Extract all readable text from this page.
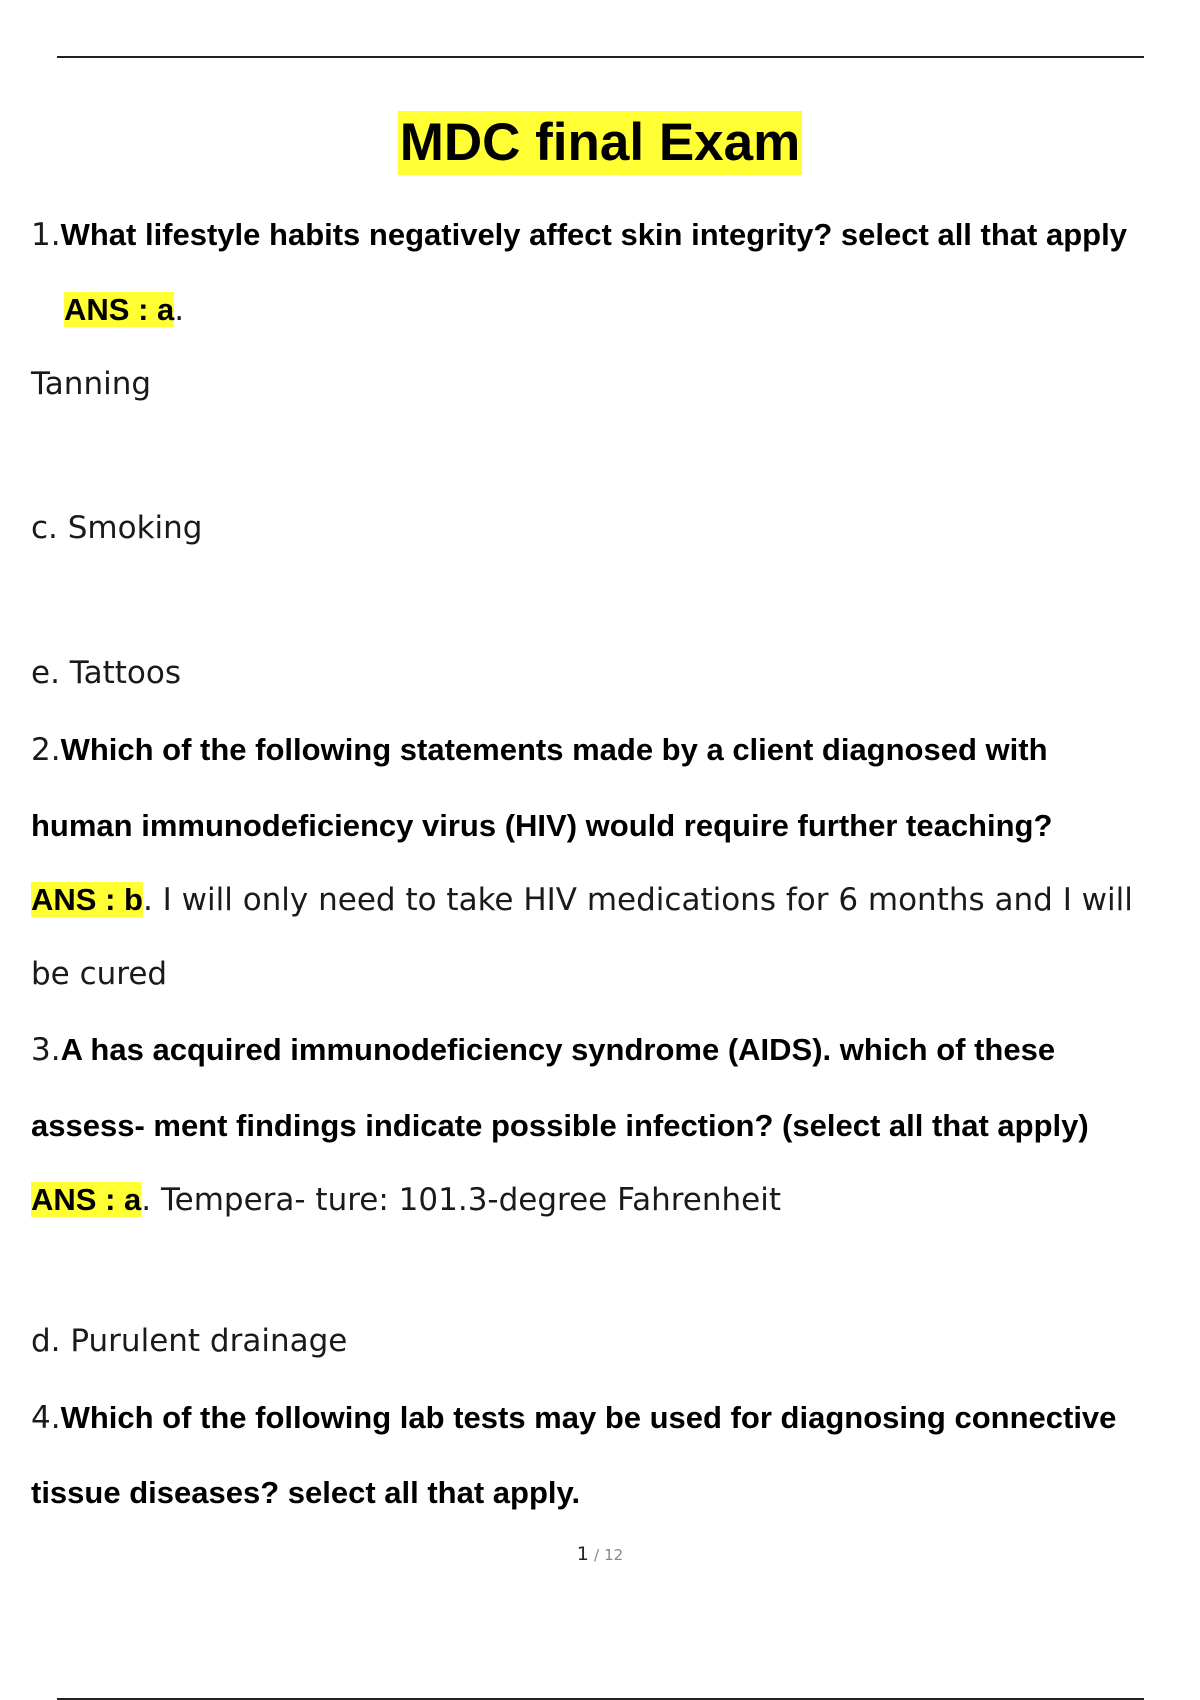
MDC final Exam
1.What lifestyle habits negatively affect skin integrity? select all that apply
ANS : a.
Tanning
c. Smoking
e. Tattoos
2.Which of the following statements made by a client diagnosed with
human immunodeficiency virus (HIV) would require further teaching?
ANS : b. I will only need to take HIV medications for 6 months and I will
be cured
3.A has acquired immunodeficiency syndrome (AIDS). which of these
assess- ment findings indicate possible infection? (select all that apply)
ANS : a. Tempera- ture: 101.3-degree Fahrenheit
d. Purulent drainage
4.Which of the following lab tests may be used for diagnosing connective
tissue diseases? select all that apply.
1 / 12
